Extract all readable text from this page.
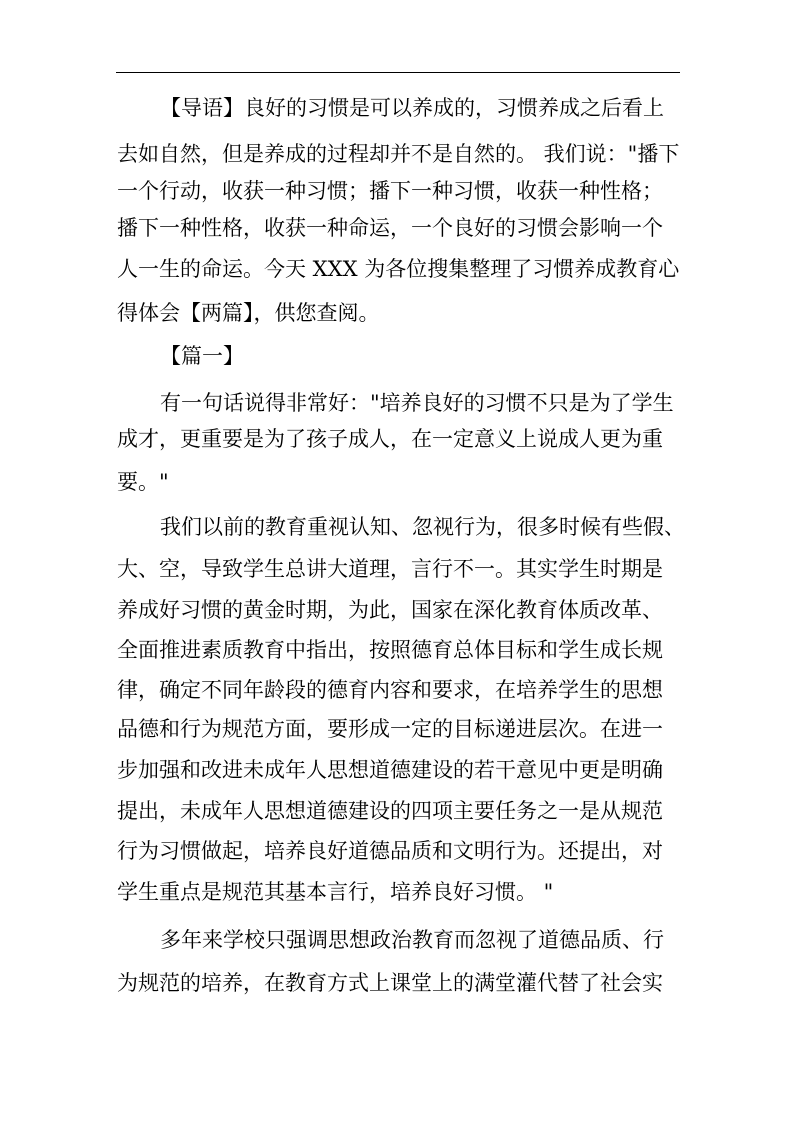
【导语】良好的习惯是可以养成的，习惯养成之后看上
去如自然，但是养成的过程却并不是自然的。 我们说："播下
一个行动，收获一种习惯；播下一种习惯，收获一种性格；
播下一种性格，收获一种命运，一个良好的习惯会影响一个
人一生的命运。今天 XXX 为各位搜集整理了习惯养成教育心
得体会【两篇】，供您查阅。
【篇一】
有一句话说得非常好："培养良好的习惯不只是为了学生
成才，更重要是为了孩子成人，在一定意义上说成人更为重
要。"
我们以前的教育重视认知、忽视行为，很多时候有些假、
大、空，导致学生总讲大道理，言行不一。其实学生时期是
养成好习惯的黄金时期，为此，国家在深化教育体质改革、
全面推进素质教育中指出，按照德育总体目标和学生成长规
律，确定不同年龄段的德育内容和要求，在培养学生的思想
品德和行为规范方面，要形成一定的目标递进层次。在进一
步加强和改进未成年人思想道德建设的若干意见中更是明确
提出，未成年人思想道德建设的四项主要任务之一是从规范
行为习惯做起，培养良好道德品质和文明行为。还提出，对
学生重点是规范其基本言行，培养良好习惯。 "
多年来学校只强调思想政治教育而忽视了道德品质、行
为规范的培养，在教育方式上课堂上的满堂灌代替了社会实
